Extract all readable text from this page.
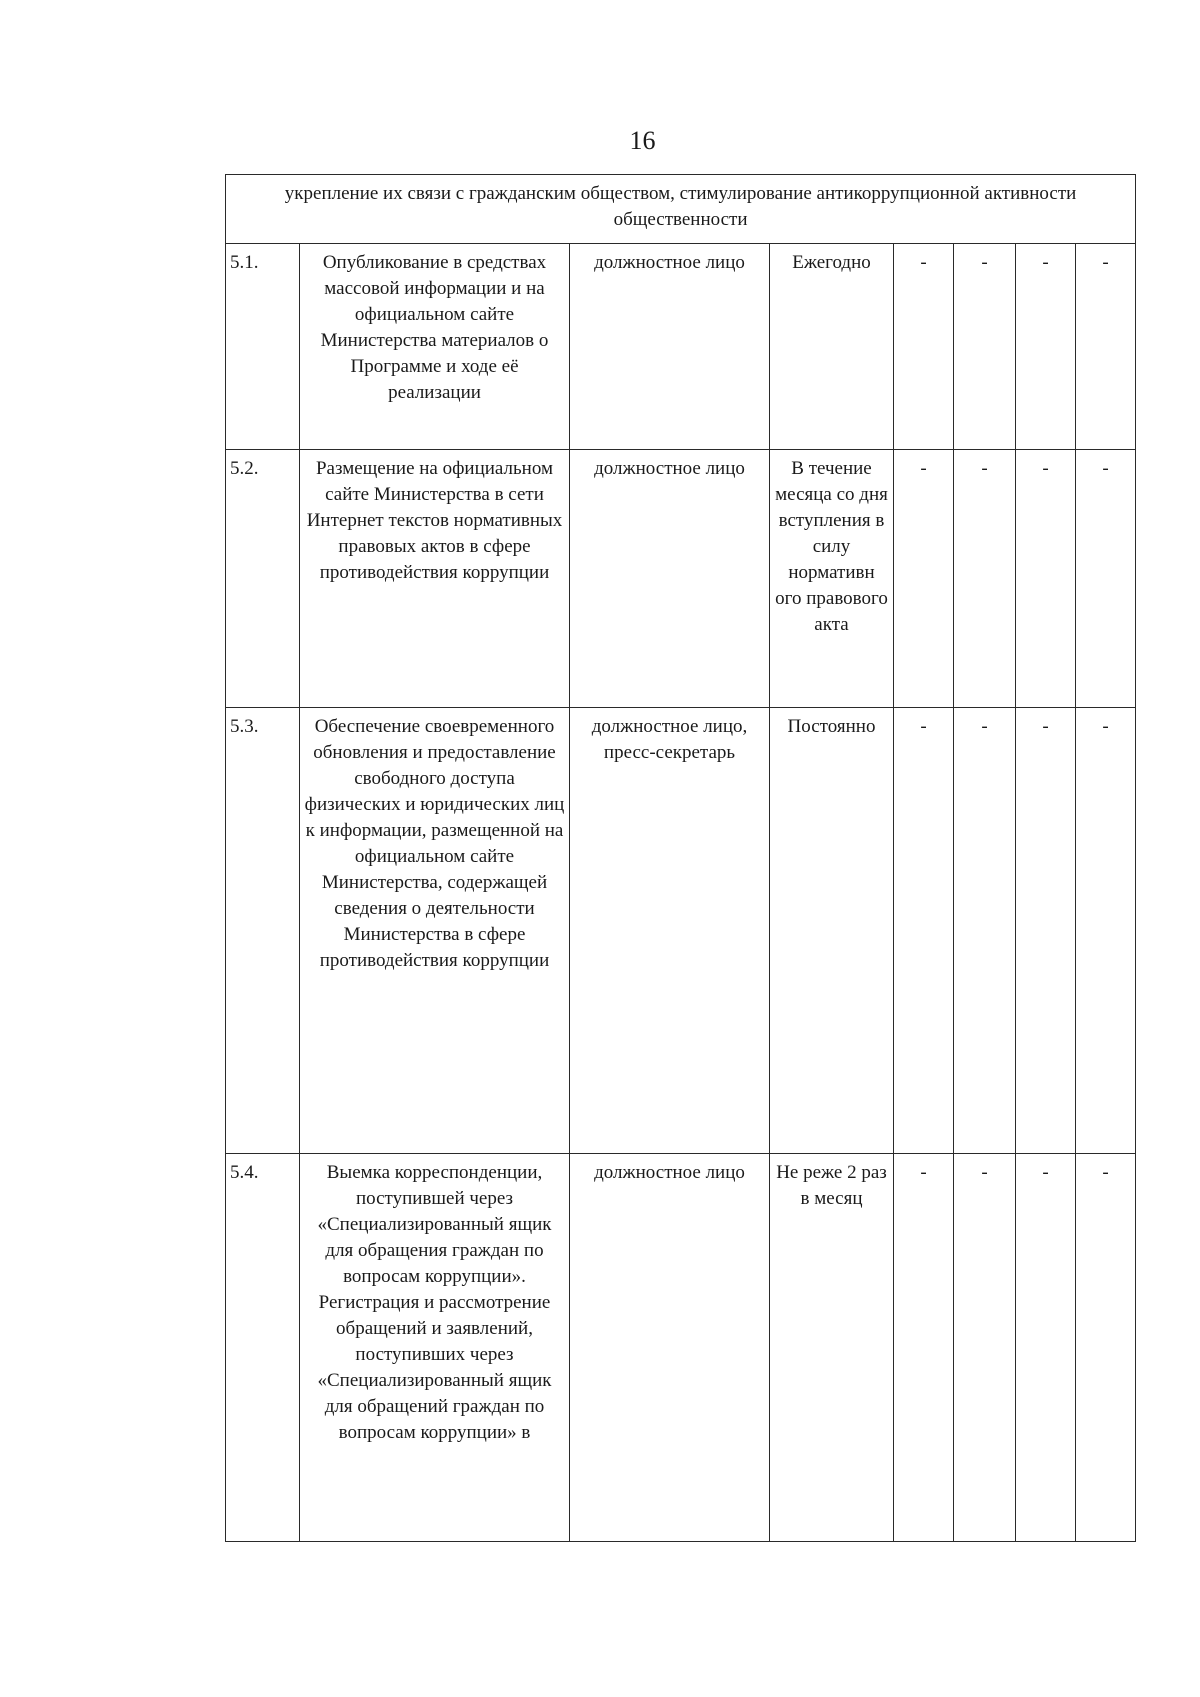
16
укрепление их связи с гражданским обществом, стимулирование антикоррупционной активности общественности							
5.1.	Опубликование в средствах массовой информации и на официальном сайте Министерства материалов о Программе и ходе её реализации	должностное лицо	Ежегодно	-	-	-	-
5.2.	Размещение на официальном сайте Министерства в сети Интернет текстов нормативных правовых актов в сфере противодействия коррупции	должностное лицо	В течение месяца со дня вступления в силу нормативн ого правового акта	-	-	-	-
5.3.	Обеспечение своевременного обновления и предоставление свободного доступа физических и юридических лиц к информации, размещенной на официальном сайте Министерства, содержащей сведения о деятельности Министерства в сфере противодействия коррупции	должностное лицо, пресс-секретарь	Постоянно	-	-	-	-
5.4.	Выемка корреспонденции, поступившей через «Специализированный ящик для обращения граждан по вопросам коррупции». Регистрация и рассмотрение обращений и заявлений, поступивших через «Специализированный ящик для обращений граждан по вопросам коррупции» в	должностное лицо	Не реже 2 раз в месяц	-	-	-	-
